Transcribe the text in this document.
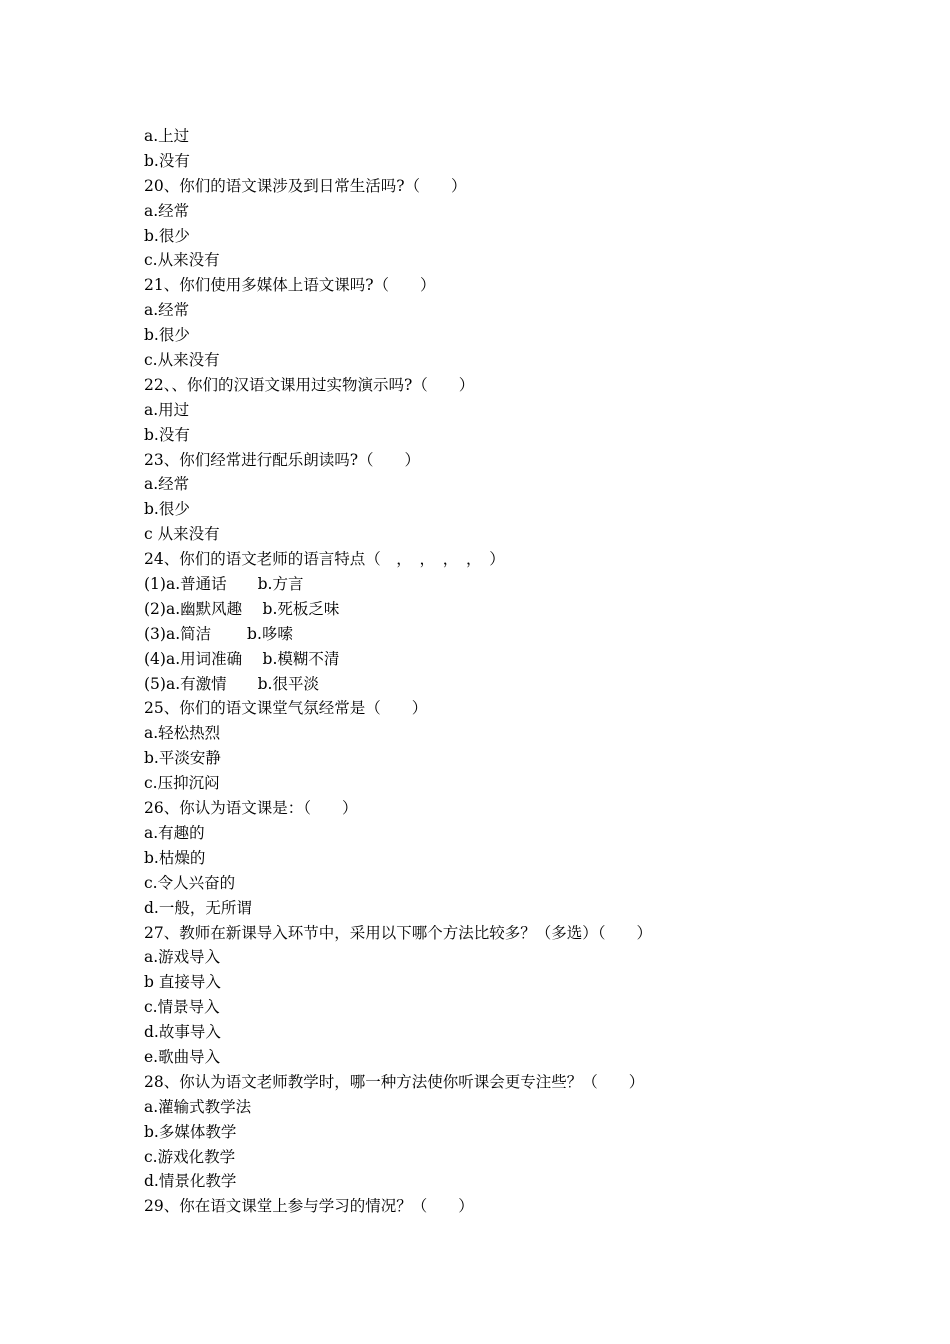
a.上过
b.没有
20、你们的语文课涉及到日常生活吗?（　　）
a.经常
b.很少
c.从来没有
21、你们使用多媒体上语文课吗?（　　）
a.经常
b.很少
c.从来没有
22、、你们的汉语文课用过实物演示吗?（　　）
a.用过
b.没有
23、你们经常进行配乐朗读吗?（　　）
a.经常
b.很少
c 从来没有
24、你们的语文老师的语言特点（　，　，　，　，　）
(1)a.普通话　　b.方言
(2)a.幽默风趣　 b.死板乏味
(3)a.简洁　　 b.哆嗦
(4)a.用词准确　 b.模糊不清
(5)a.有激情　　b.很平淡
25、你们的语文课堂气氛经常是（　　）
a.轻松热烈
b.平淡安静
c.压抑沉闷
26、你认为语文课是：（　　）
a.有趣的
b.枯燥的
c.令人兴奋的
d.一般，无所谓
27、教师在新课导入环节中，采用以下哪个方法比较多？（多选）（　　）
a.游戏导入
b 直接导入
c.情景导入
d.故事导入
e.歌曲导入
28、你认为语文老师教学时，哪一种方法使你听课会更专注些？（　　）
a.灌输式教学法
b.多媒体教学
c.游戏化教学
d.情景化教学
29、你在语文课堂上参与学习的情况？（　　）
